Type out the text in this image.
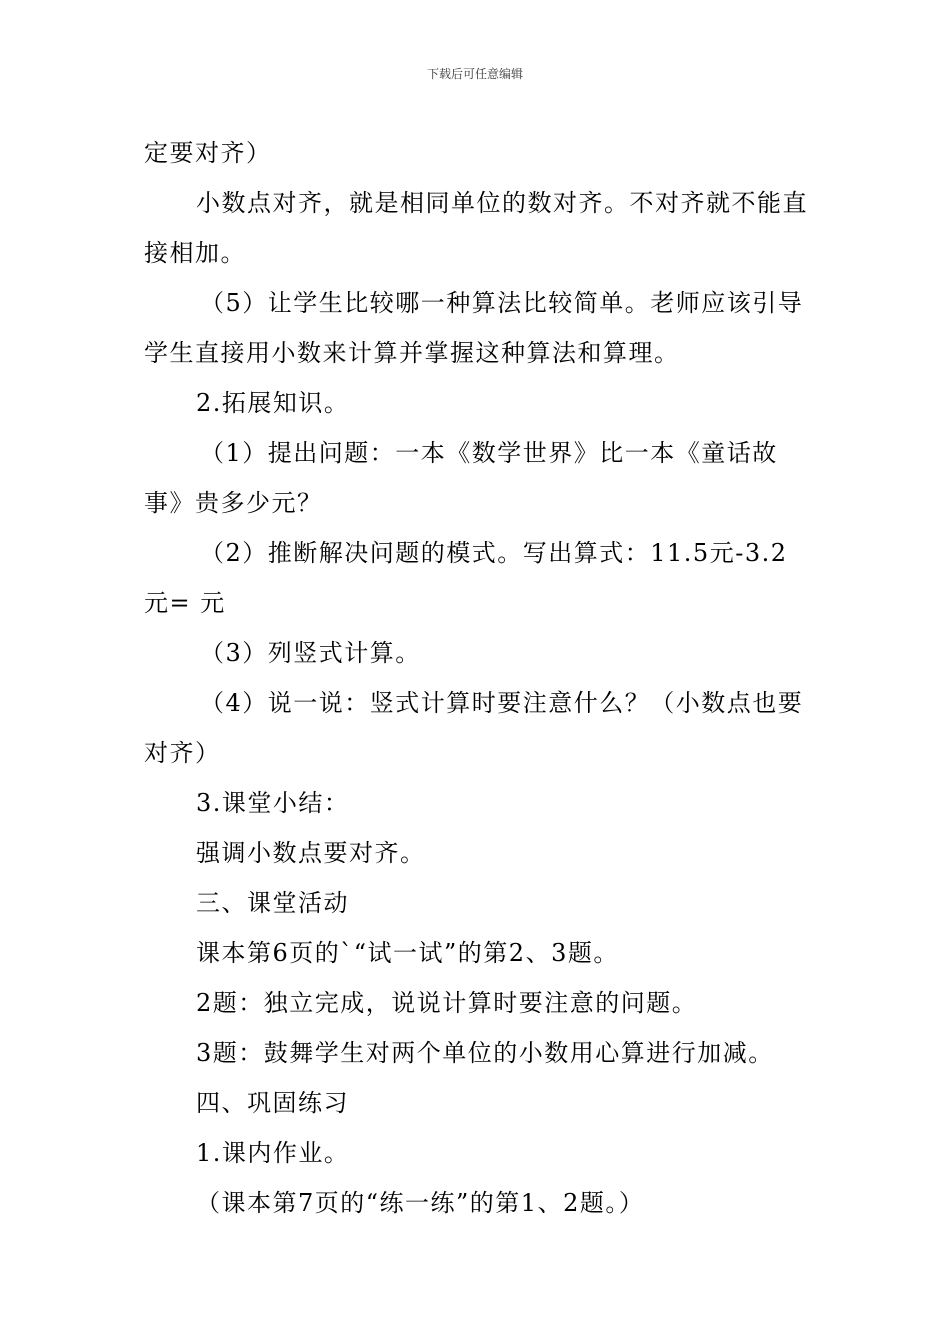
下载后可任意编辑

定要对齐）

小数点对齐，就是相同单位的数对齐。不对齐就不能直接相加。

（5）让学生比较哪一种算法比较简单。老师应该引导学生直接用小数来计算并掌握这种算法和算理。

2.拓展知识。

（1）提出问题：一本《数学世界》比一本《童话故事》贵多少元？

（2）推断解决问题的模式。写出算式：11.5元-3.2元= 元

（3）列竖式计算。

（4）说一说：竖式计算时要注意什么？（小数点也要对齐）

3.课堂小结：

强调小数点要对齐。

三、课堂活动

课本第6页的`“试一试”的第2、3题。

2题：独立完成，说说计算时要注意的问题。

3题：鼓舞学生对两个单位的小数用心算进行加减。

四、巩固练习

1.课内作业。

（课本第7页的“练一练”的第1、2题。）
